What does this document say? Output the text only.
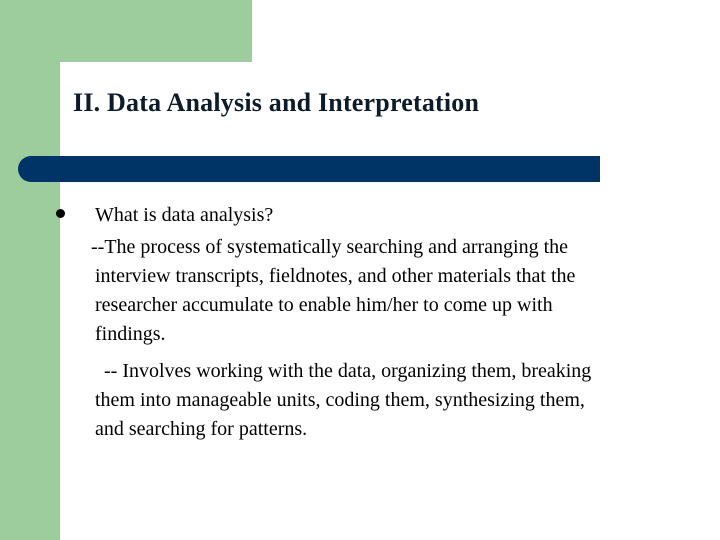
II. Data Analysis and Interpretation
What is data analysis?
--The process of systematically searching and arranging the
interview transcripts, fieldnotes, and other materials that the
researcher accumulate to enable him/her to come up with
findings.
-- Involves working with the data, organizing them, breaking
them into manageable units, coding them, synthesizing them,
and searching for patterns.
